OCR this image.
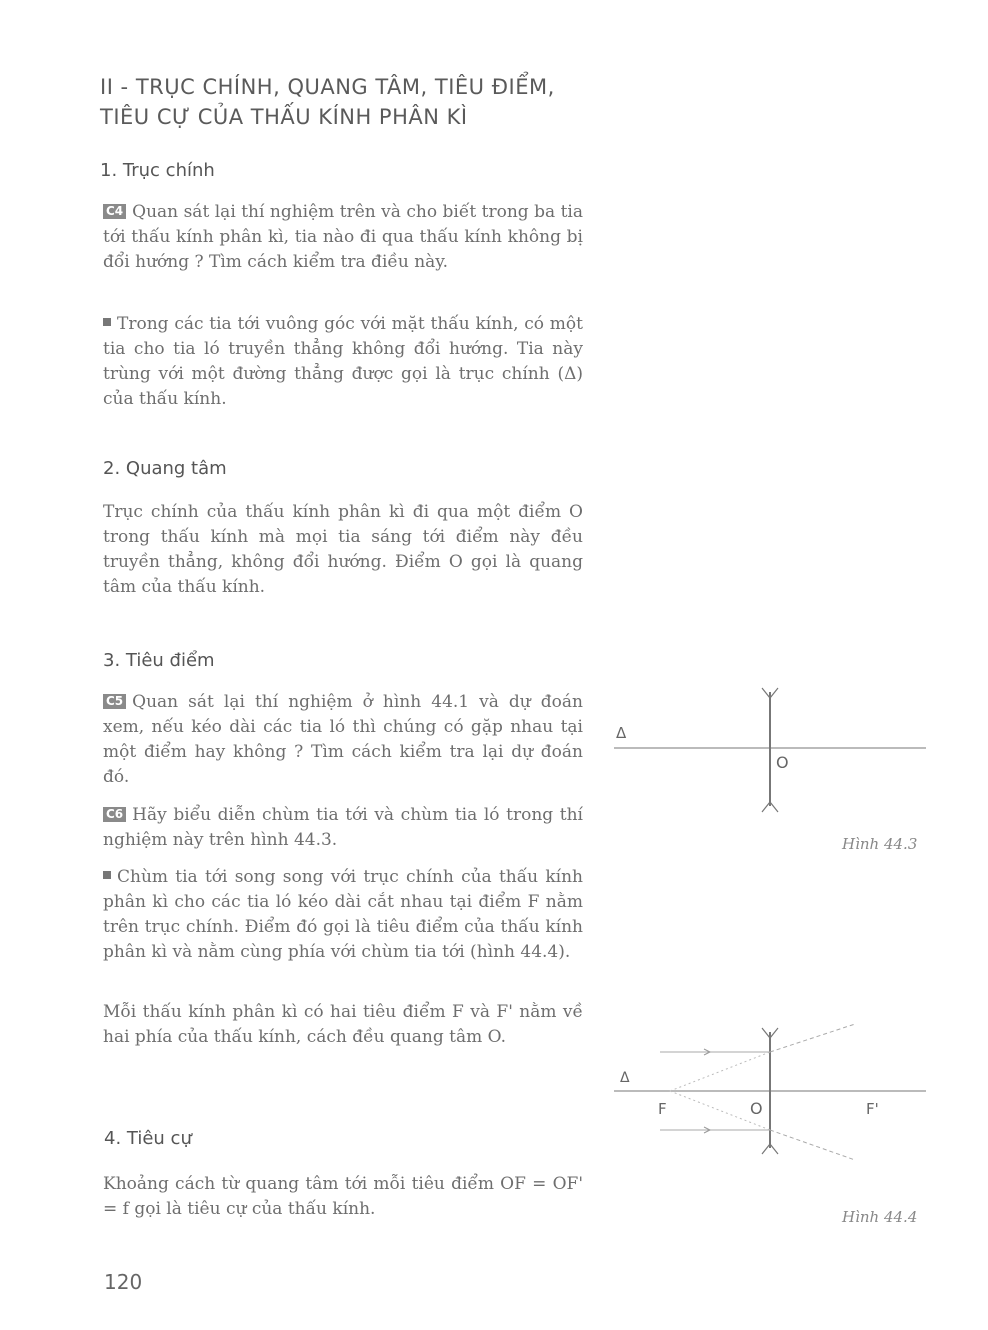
II - TRỤC CHÍNH, QUANG TÂM, TIÊU ĐIỂM, TIÊU CỰ CỦA THẤU KÍNH PHÂN KÌ
1. Trục chính
C4 Quan sát lại thí nghiệm trên và cho biết trong ba tia tới thấu kính phân kì, tia nào đi qua thấu kính không bị đổi hướng ? Tìm cách kiểm tra điều này.
Trong các tia tới vuông góc với mặt thấu kính, có một tia cho tia ló truyền thẳng không đổi hướng. Tia này trùng với một đường thẳng được gọi là trục chính (Δ) của thấu kính.
2. Quang tâm
Trục chính của thấu kính phân kì đi qua một điểm O trong thấu kính mà mọi tia sáng tới điểm này đều truyền thẳng, không đổi hướng. Điểm O gọi là quang tâm của thấu kính.
3. Tiêu điểm
C5 Quan sát lại thí nghiệm ở hình 44.1 và dự đoán xem, nếu kéo dài các tia ló thì chúng có gặp nhau tại một điểm hay không ? Tìm cách kiểm tra lại dự đoán đó.
C6 Hãy biểu diễn chùm tia tới và chùm tia ló trong thí nghiệm này trên hình 44.3.
Chùm tia tới song song với trục chính của thấu kính phân kì cho các tia ló kéo dài cắt nhau tại điểm F nằm trên trục chính. Điểm đó gọi là tiêu điểm của thấu kính phân kì và nằm cùng phía với chùm tia tới (hình 44.4).
Mỗi thấu kính phân kì có hai tiêu điểm F và F' nằm về hai phía của thấu kính, cách đều quang tâm O.
4. Tiêu cự
Khoảng cách từ quang tâm tới mỗi tiêu điểm OF = OF' = f gọi là tiêu cự của thấu kính.
Δ
O
Hình 44.3
Δ
F	O	F'
Hình 44.4
120
